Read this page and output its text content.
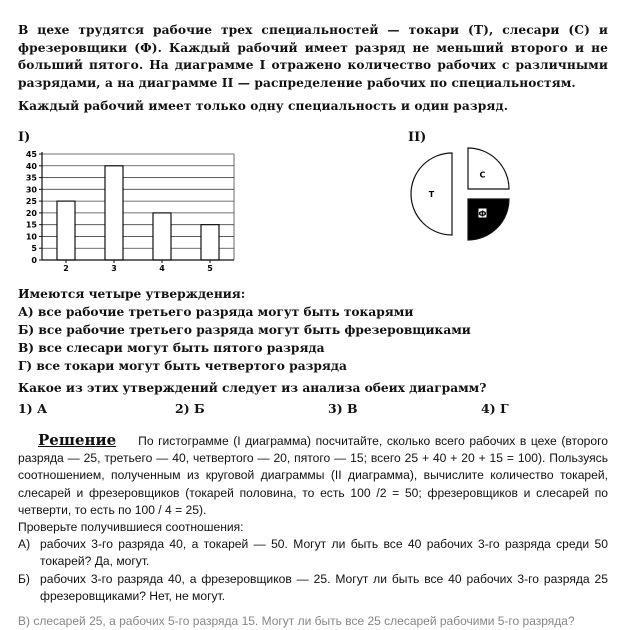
В цехе трудятся рабочие трех специальностей — токари (Т), слесари (С) и фрезеровщики (Ф). Каждый рабочий имеет разряд не меньший второго и не больший пятого. На диаграмме I отражено количество рабочих с различными разрядами, а на диаграмме II — распределение рабочих по специальностям.

Каждый рабочий имеет только одну специальность и один разряд.

I)	II)
0
5
10
15
20
25
30
35
40
45
2	3	4	5
Т
С
Ф
Имеются четыре утверждения:
А) все рабочие третьего разряда могут быть токарями
Б) все рабочие третьего разряда могут быть фрезеровщиками
В) все слесари могут быть пятого разряда
Г) все токари могут быть четвертого разряда
Какое из этих утверждений следует из анализа обеих диаграмм?
1) А	2) Б	3) В	4) Г

Решение По гистограмме (I диаграмма) посчитайте, сколько всего рабочих в цехе (второго разряда — 25, третьего — 40, четвертого — 20, пятого — 15; всего 25 + 40 + 20 + 15 = 100). Пользуясь соотношением, полученным из круговой диаграммы (II диаграмма), вычислите количество токарей, слесарей и фрезеровщиков (токарей половина, то есть 100 /2 = 50; фрезеровщиков и слесарей по четверти, то есть по 100 / 4 = 25).

Проверьте получившиеся соотношения:

А) рабочих 3-го разряда 40, а токарей — 50. Могут ли быть все 40 рабочих 3-го разряда среди 50 токарей? Да, могут.

Б) рабочих 3-го разряда 40, а фрезеровщиков — 25. Могут ли быть все 40 рабочих 3-го разряда 25 фрезеровщиками? Нет, не могут.

В) слесарей 25, а рабочих 5-го разряда 15. Могут ли быть все 25 слесарей рабочими 5-го разряда?
